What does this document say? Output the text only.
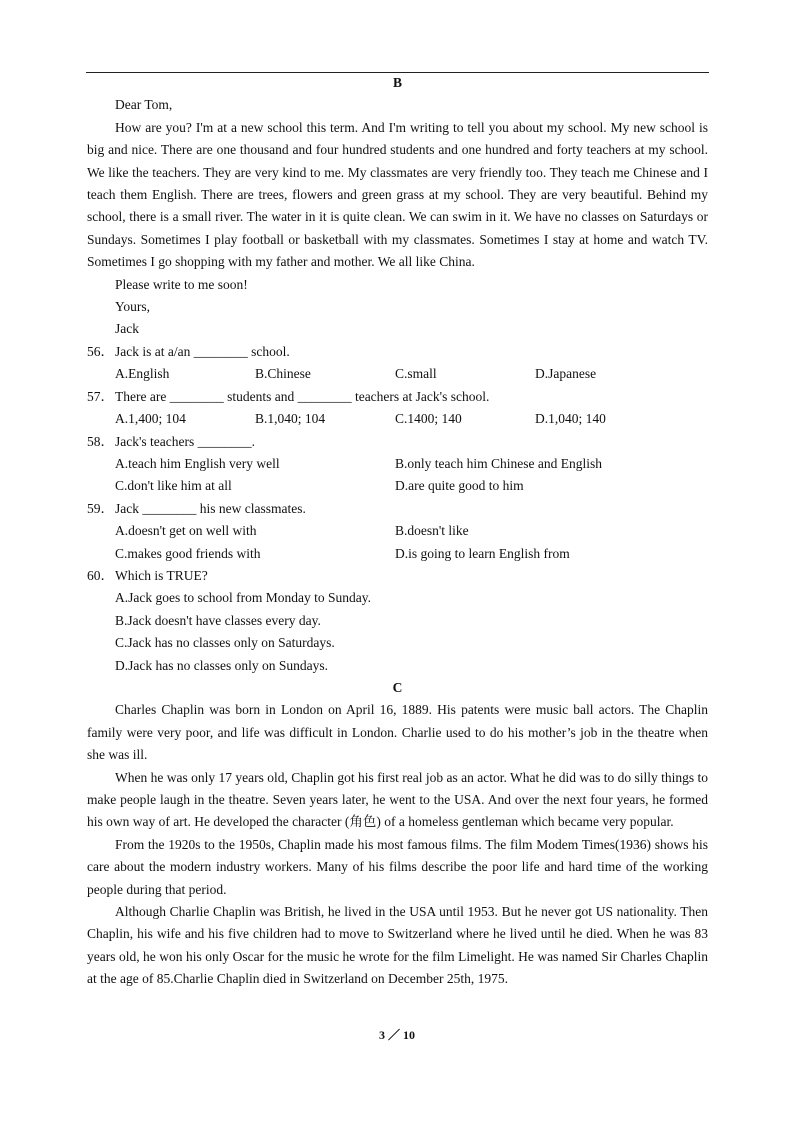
B

Dear Tom,

How are you? I'm at a new school this term. And I'm writing to tell you about my school. My new school is big and nice. There are one thousand and four hundred students and one hundred and forty teachers at my school. We like the teachers. They are very kind to me. My classmates are very friendly too. They teach me Chinese and I teach them English. There are trees, flowers and green grass at my school. They are very beautiful. Behind my school, there is a small river. The water in it is quite clean. We can swim in it. We have no classes on Saturdays or Sundays. Sometimes I play football or basketball with my classmates. Sometimes I stay at home and watch TV. Sometimes I go shopping with my father and mother. We all like China.

Please write to me soon!

Yours,

Jack

56． Jack is at a/an ________ school.

A.English	B.Chinese	C.small	D.Japanese

57． There are ________ students and ________ teachers at Jack's school.

A.1,400; 104	B.1,040; 104	C.1400; 140	D.1,040; 140

58． Jack's teachers ________.

A.teach him English very well	B.only teach him Chinese and English
C.don't like him at all	D.are quite good to him

59． Jack ________ his new classmates.

A.doesn't get on well with	B.doesn't like
C.makes good friends with	D.is going to learn English from

60． Which is TRUE?

A.Jack goes to school from Monday to Sunday.

B.Jack doesn't have classes every day.

C.Jack has no classes only on Saturdays.

D.Jack has no classes only on Sundays.

C

Charles Chaplin was born in London on April 16, 1889. His patents were music ball actors. The Chaplin family were very poor, and life was difficult in London. Charlie used to do his mother’s job in the theatre when she was ill.

When he was only 17 years old, Chaplin got his first real job as an actor. What he did was to do silly things to make people laugh in the theatre. Seven years later, he went to the USA. And over the next four years, he formed his own way of art. He developed the character (角色) of a homeless gentleman which became very popular.

From the 1920s to the 1950s, Chaplin made his most famous films. The film Modem Times(1936) shows his care about the modern industry workers. Many of his films describe the poor life and hard time of the working people during that period.

Although Charlie Chaplin was British, he lived in the USA until 1953. But he never got US nationality. Then Chaplin, his wife and his five children had to move to Switzerland where he lived until he died. When he was 83 years old, he won his only Oscar for the music he wrote for the film Limelight. He was named Sir Charles Chaplin at the age of 85.Charlie Chaplin died in Switzerland on December 25th, 1975.

3 ／ 10
